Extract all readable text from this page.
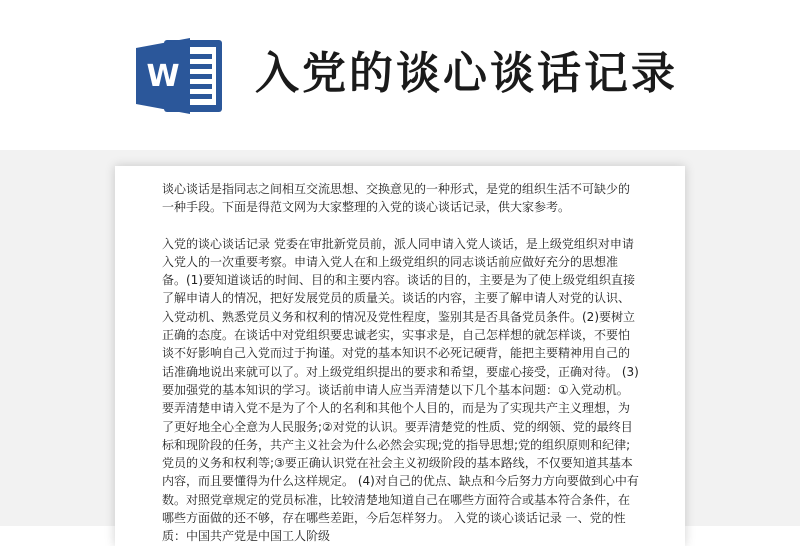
W 入党的谈心谈话记录

谈心谈话是指同志之间相互交流思想、交换意见的一种形式，是党的组织生活不可缺少的一种手段。下面是得范文网为大家整理的入党的谈心谈话记录，供大家参考。

入党的谈心谈话记录 党委在审批新党员前，派人同申请入党人谈话，是上级党组织对申请入党人的一次重要考察。申请入党人在和上级党组织的同志谈话前应做好充分的思想准备。(1)要知道谈话的时间、目的和主要内容。谈话的目的，主要是为了使上级党组织直接了解申请人的情况，把好发展党员的质量关。谈话的内容，主要了解申请人对党的认识、入党动机、熟悉党员义务和权利的情况及党性程度，鉴别其是否具备党员条件。(2)要树立正确的态度。在谈话中对党组织要忠诚老实，实事求是，自己怎样想的就怎样谈，不要怕谈不好影响自己入党而过于拘谨。对党的基本知识不必死记硬背，能把主要精神用自己的话准确地说出来就可以了。对上级党组织提出的要求和希望，要虚心接受，正确对待。 (3)要加强党的基本知识的学习。谈话前申请人应当弄清楚以下几个基本问题：①入党动机。要弄清楚申请入党不是为了个人的名利和其他个人目的，而是为了实现共产主义理想，为了更好地全心全意为人民服务;②对党的认识。要弄清楚党的性质、党的纲领、党的最终目标和现阶段的任务，共产主义社会为什么必然会实现;党的指导思想;党的组织原则和纪律;党员的义务和权利等;③要正确认识党在社会主义初级阶段的基本路线，不仅要知道其基本内容，而且要懂得为什么这样规定。 (4)对自己的优点、缺点和今后努力方向要做到心中有数。对照党章规定的党员标准，比较清楚地知道自己在哪些方面符合或基本符合条件，在哪些方面做的还不够，存在哪些差距，今后怎样努力。 入党的谈心谈话记录 一、党的性质：中国共产党是中国工人阶级
